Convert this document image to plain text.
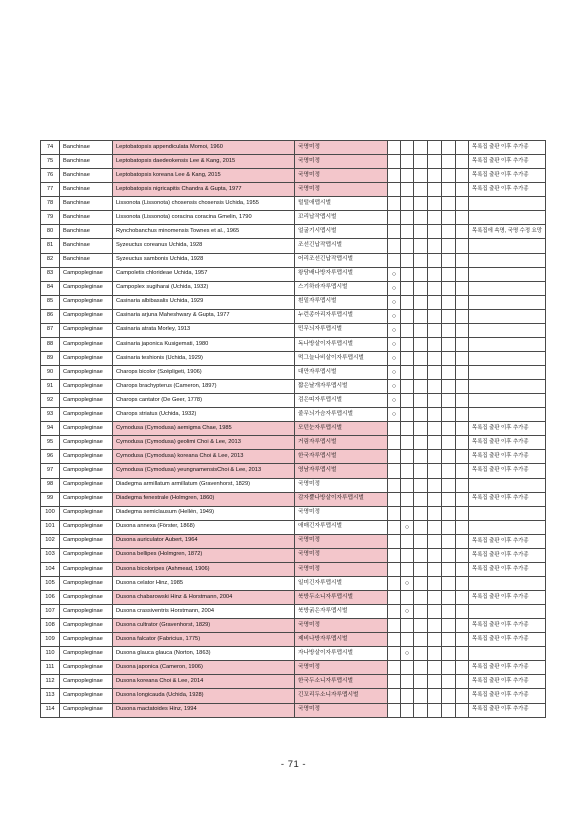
74	Banchinae	Leptobatopsis appendiculata Momoi, 1960	국명미정							목록집 출판 이후 추가종
75	Banchinae	Leptobatopsis daedeokensis Lee & Kang, 2015	국명미정							목록집 출판 이후 추가종
76	Banchinae	Leptobatopsis koreana Lee & Kang, 2015	국명미정							목록집 출판 이후 추가종
77	Banchinae	Leptobatopsis nigricapitis Chandra & Gupta, 1977	국명미정							목록집 출판 이후 추가종
78	Banchinae	Lissonota (Lissonota) chosensis chosensis Uchida, 1955	털털애맵시벌							
79	Banchinae	Lissonota (Lissonota) coracina coracina Gmelin, 1790	꼬리납작맵시벌							
80	Banchinae	Rynchobanchus minomensis Townes et al., 1965	얼굴기시맵시벌							목록집에 속명, 국명 수정 요망
81	Banchinae	Syzeuctus coreanus Uchida, 1928	조선긴납작맵시벌							
82	Banchinae	Syzeuctus sambonis Uchida, 1928	어리조선긴납작맵시벌							
83	Campopleginae	Campoletis chlorideae Uchida, 1957	왕담배나방자루맵시벌	○						
84	Campopleginae	Campoplex sugiharai (Uchida, 1932)	스기하라자루맵시벌	○						
85	Campopleginae	Casinaria albibasalis Uchida, 1929	흰밑자루맵시벌	○						
86	Campopleginae	Casinaria arjuna Maheshwary & Gupta, 1977	누런종아리자루맵시벌	○						
87	Campopleginae	Casinaria atrata Morley, 1913	민무늬자루맵시벌	○						
88	Campopleginae	Casinaria japonica Kusigemati, 1980	독나방살이자루맵시벌	○						
89	Campopleginae	Casinaria teshionis (Uchida, 1929)	먹그늘나비살이자루맵시벌	○						
90	Campopleginae	Charops bicolor (Szépligeti, 1906)	대만자루맵시벌	○						
91	Campopleginae	Charops brachypterus (Cameron, 1897)	짧은날개자루맵시벌	○						
92	Campopleginae	Charops cantator (De Geer, 1778)	검은띠자루맵시벌	○						
93	Campopleginae	Charops striatus (Uchida, 1932)	줄무늬가슴자루맵시벌	○						
94	Campopleginae	Cymodusa (Cymodusa) aemigma Chae, 1985	모던눈자루맵시벌							목록집 출판 이후 추가종
95	Campopleginae	Cymodusa (Cymodusa) geolimi Choi & Lee, 2013	거림자루맵시벌							목록집 출판 이후 추가종
96	Campopleginae	Cymodusa (Cymodusa) koreana Choi & Lee, 2013	한국자루맵시벌							목록집 출판 이후 추가종
97	Campopleginae	Cymodusa (Cymodusa) yeungnamensisChoi & Lee, 2013	영남자루맵시벌							목록집 출판 이후 추가종
98	Campopleginae	Diadegma armillatum armillatum (Gravenhorst, 1829)	국명미정							
99	Campopleginae	Diadegma fenestrale (Holmgren, 1860)	감자뿔나방살이자루맵시벌							목록집 출판 이후 추가종
100	Campopleginae	Diadegma semiclausum (Hellén, 1949)	국명미정							
101	Campopleginae	Dusona annexa (Förster, 1868)	애매긴자루맵시벌		○					
102	Campopleginae	Dusona auriculator Aubert, 1964	국명미정							목록집 출판 이후 추가종
103	Campopleginae	Dusona bellipes (Holmgren, 1872)	국명미정							목록집 출판 이후 추가종
104	Campopleginae	Dusona bicoloripes (Ashmead, 1906)	국명미정							목록집 출판 이후 추가종
105	Campopleginae	Dusona celator Hinz, 1985	일미긴자루맵시벌		○					
106	Campopleginae	Dusona chabarowski Hinz & Horstmann, 2004	북방두소니자루맵시벌							목록집 출판 이후 추가종
107	Campopleginae	Dusona crassiventris Horstmann, 2004	북방굵은자루맵시벌		○					
108	Campopleginae	Dusona cultrator (Gravenhorst, 1829)	국명미정							목록집 출판 이후 추가종
109	Campopleginae	Dusona falcator (Fabricius, 1775)	제비나방자루맵시벌							목록집 출판 이후 추가종
110	Campopleginae	Dusona glauca glauca (Norton, 1863)	자나방살이자루맵시벌		○					
111	Campopleginae	Dusona japonica (Cameron, 1906)	국명미정							목록집 출판 이후 추가종
112	Campopleginae	Dusona koreana Choi & Lee, 2014	한국두소니자루맵시벌							목록집 출판 이후 추가종
113	Campopleginae	Dusona longicauda (Uchida, 1928)	긴꼬리두소니자루맵시벌							목록집 출판 이후 추가종
114	Campopleginae	Dusona mactatoides Hinz, 1994	국명미정							목록집 출판 이후 추가종
- 71 -
